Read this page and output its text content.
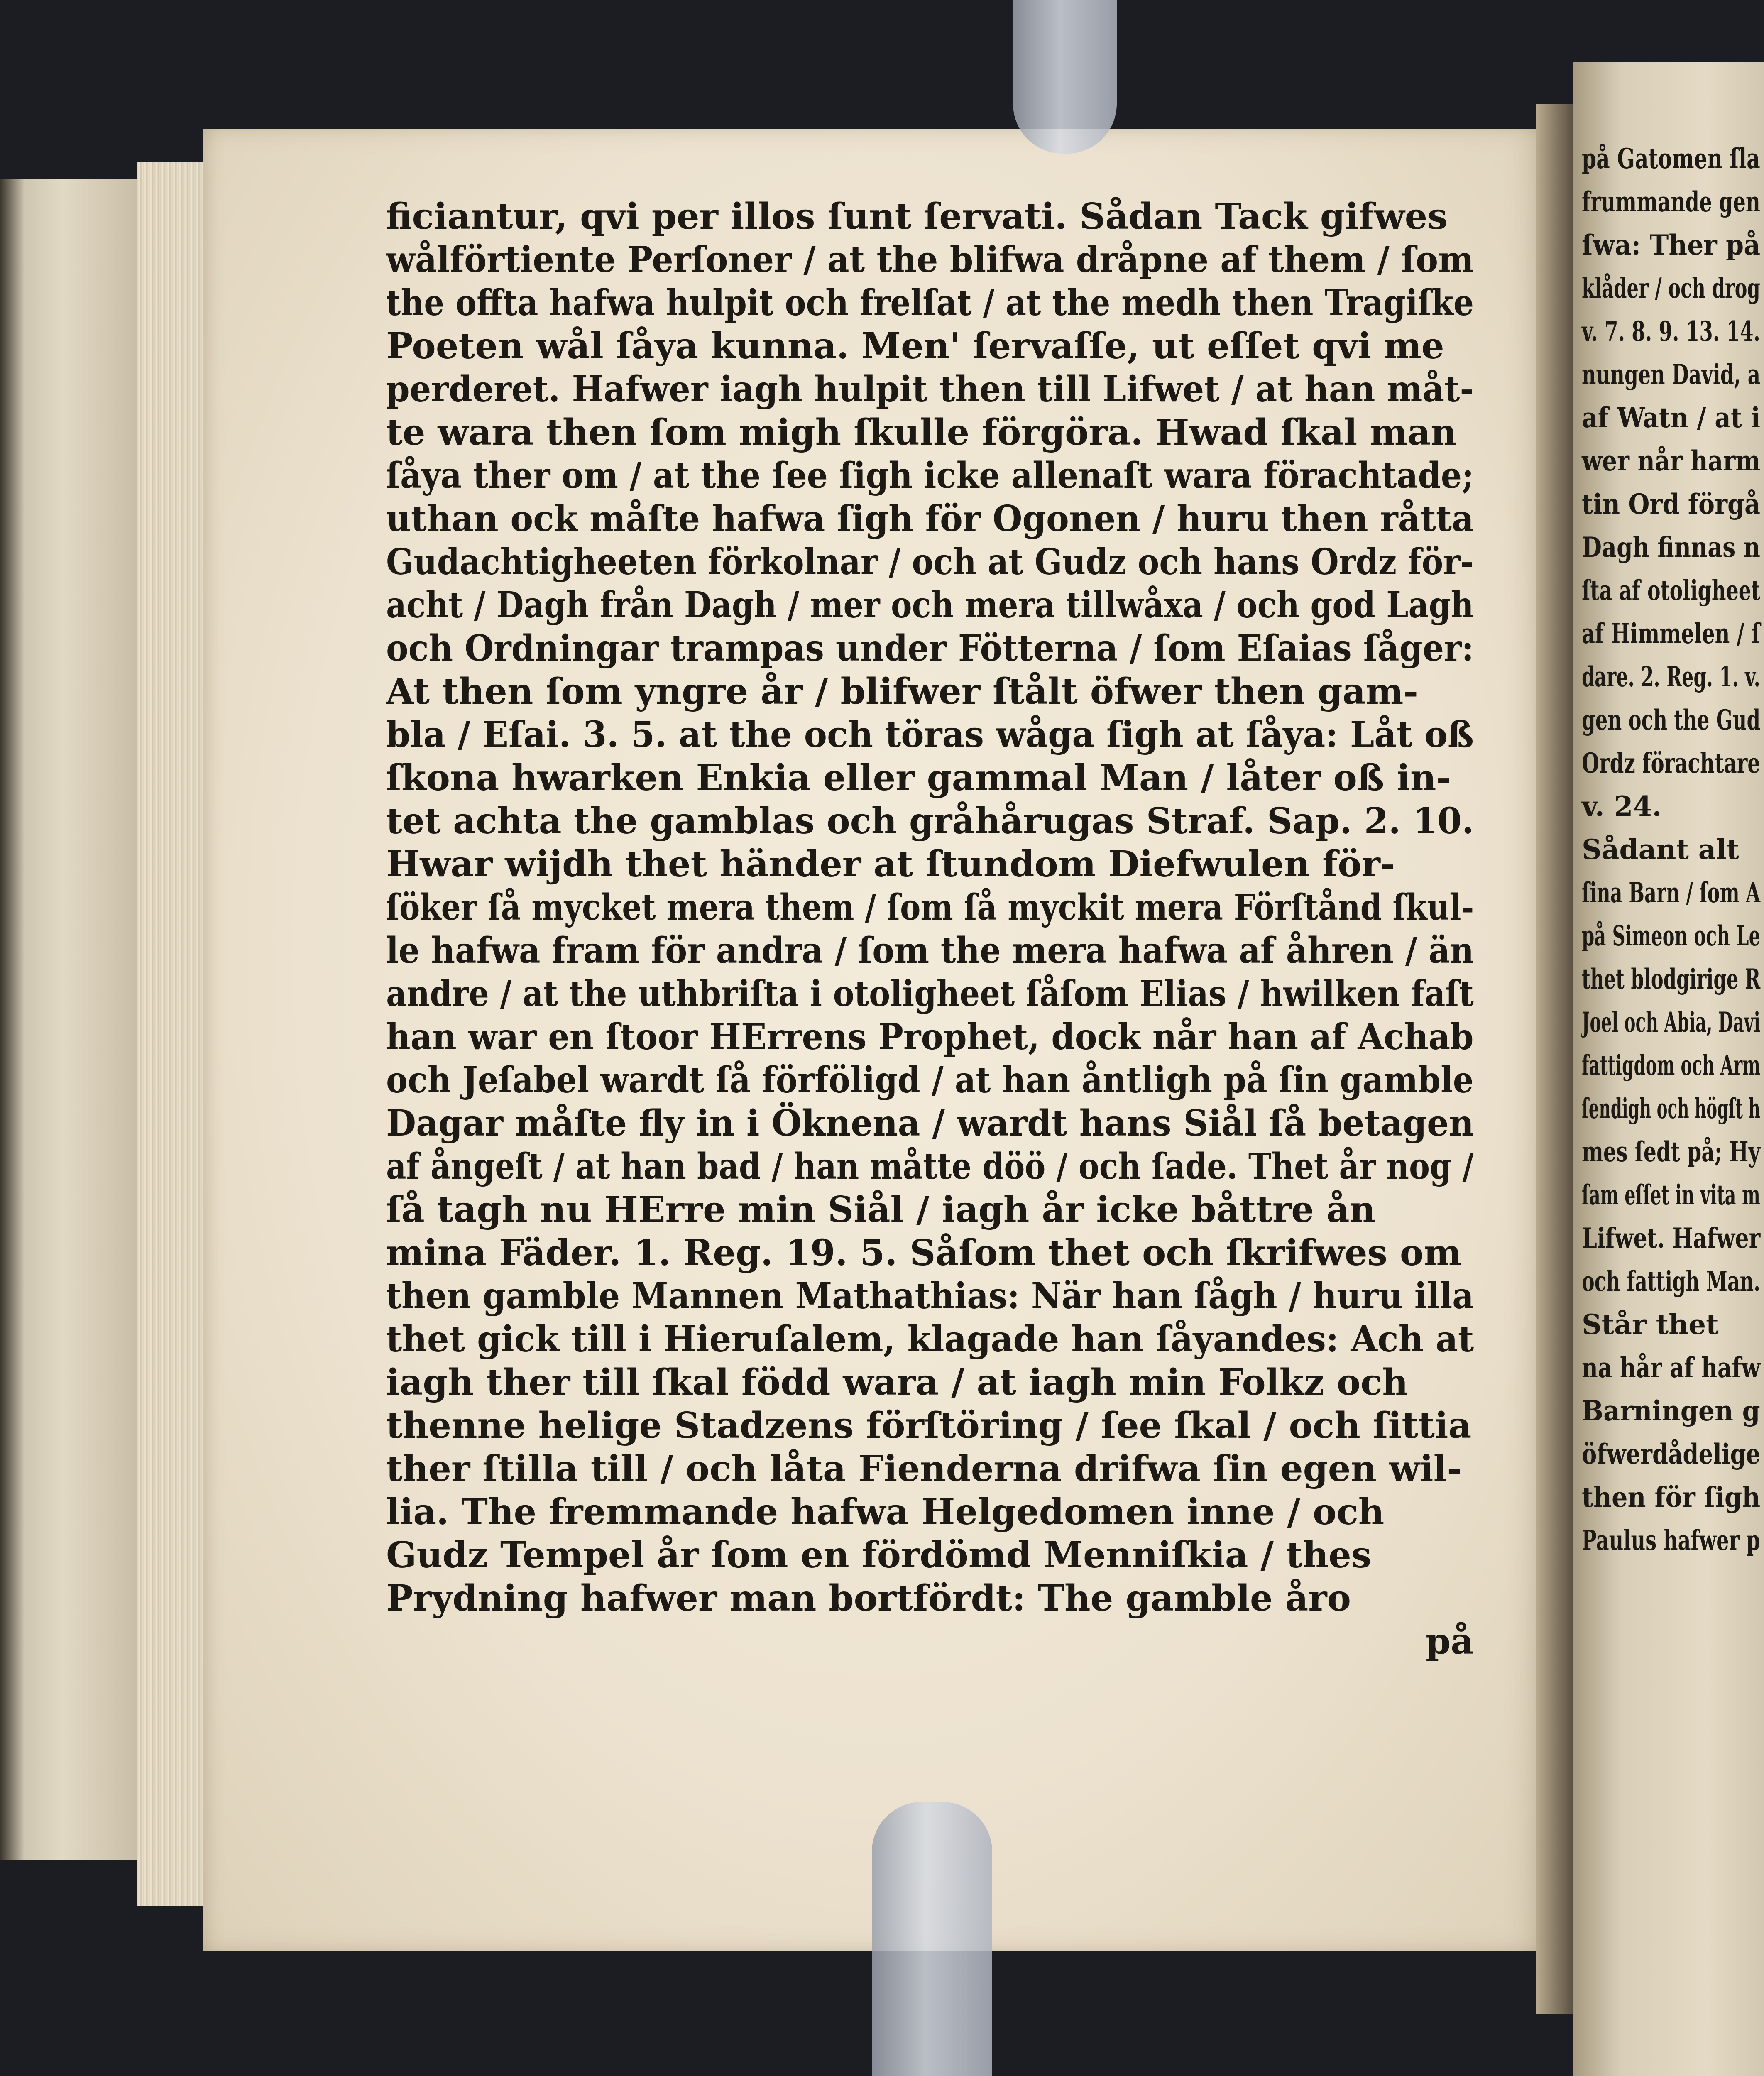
ficiantur, qvi per illos ſunt ſervati. Sådan Tack gifwes
wålförtiente Perſoner / at the blifwa dråpne af them / ſom
the offta hafwa hulpit och frelſat / at the medh then Tragiſke
Poeten wål ſåya kunna. Men' ſervaſſe, ut eſſet qvi me
perderet. Hafwer iagh hulpit then till Lifwet / at han måt-
te wara then ſom migh ſkulle förgöra. Hwad ſkal man
ſåya ther om / at the ſee ſigh icke allenaſt wara förachtade;
uthan ock måſte hafwa ſigh för Ogonen / huru then råtta
Gudachtigheeten förkolnar / och at Gudz och hans Ordz för-
acht / Dagh från Dagh / mer och mera tillwåxa / och god Lagh
och Ordningar trampas under Fötterna / ſom Eſaias ſåger:
At then ſom yngre år / blifwer ſtålt öfwer then gam-
bla / Eſai. 3. 5. at the och töras wåga ſigh at ſåya: Låt oß
ſkona hwarken Enkia eller gammal Man / låter oß in-
tet achta the gamblas och gråhårugas Straf. Sap. 2. 10.
Hwar wijdh thet händer at ſtundom Diefwulen för-
ſöker ſå mycket mera them / ſom ſå myckit mera Förſtånd ſkul-
le hafwa fram för andra / ſom the mera hafwa af åhren / än
andre / at the uthbriſta i otoligheet ſåſom Elias / hwilken faſt
han war en ſtoor HErrens Prophet, dock når han af Achab
och Jeſabel wardt ſå förföligd / at han åntligh på ſin gamble
Dagar måſte fly in i Öknena / wardt hans Siål ſå betagen
af ångeſt / at han bad / han måtte döö / och ſade. Thet år nog /
ſå tagh nu HErre min Siål / iagh år icke båttre ån
mina Fäder. 1. Reg. 19. 5. Såſom thet och ſkrifwes om
then gamble Mannen Mathathias: När han ſågh / huru illa
thet gick till i Hieruſalem, klagade han ſåyandes: Ach at
iagh ther till ſkal född wara / at iagh min Folkz och
thenne helige Stadzens förſtöring / ſee ſkal / och ſittia
ther ſtilla till / och låta Fienderna drifwa ſin egen wil-
lia. The fremmande hafwa Helgedomen inne / och
Gudz Tempel år ſom en fördömd Menniſkia / thes
Prydning hafwer man bortfördt: The gamble åro
på
på Gatomen ſla
frummande gen
ſwa: Ther på
klåder / och drog
v. 7. 8. 9. 13. 14.
nungen David, a
af Watn / at i
wer når harm
tin Ord förgå
Dagh finnas n
ſta af otoligheet
af Himmelen / ſ
dare. 2. Reg. 1. v.
gen och the Gud
Ordz förachtare
v. 24.
Sådant alt
ſina Barn / ſom A
på Simeon och Le
thet blodgirige R
Joel och Abia, Davi
fattigdom och Arm
ſendigh och högſt h
mes ſedt på; Hy
ſam eſſet in vita m
Lifwet. Hafwer
och fattigh Man.
Står thet
na hår af hafw
Barningen g
öfwerdådelige
then för ſigh
Paulus hafwer p
